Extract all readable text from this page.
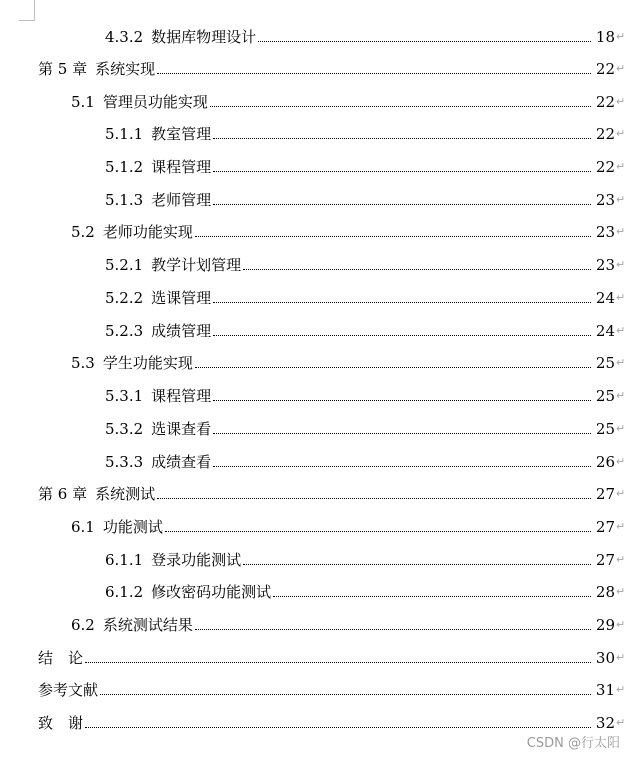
4.3.2 数据库物理设计	18 ↵
第 5 章 系统实现	22 ↵
5.1 管理员功能实现	22 ↵
5.1.1 教室管理	22 ↵
5.1.2 课程管理	22 ↵
5.1.3 老师管理	23 ↵
5.2 老师功能实现	23 ↵
5.2.1 教学计划管理	23 ↵
5.2.2 选课管理	24 ↵
5.2.3 成绩管理	24 ↵
5.3 学生功能实现	25 ↵
5.3.1 课程管理	25 ↵
5.3.2 选课查看	25 ↵
5.3.3 成绩查看	26 ↵
第 6 章 系统测试	27 ↵
6.1 功能测试	27 ↵
6.1.1 登录功能测试	27 ↵
6.1.2 修改密码功能测试	28 ↵
6.2 系统测试结果	29 ↵
结　论	30 ↵
参考文献	31 ↵
致　谢	32 ↵
CSDN @行太阳
